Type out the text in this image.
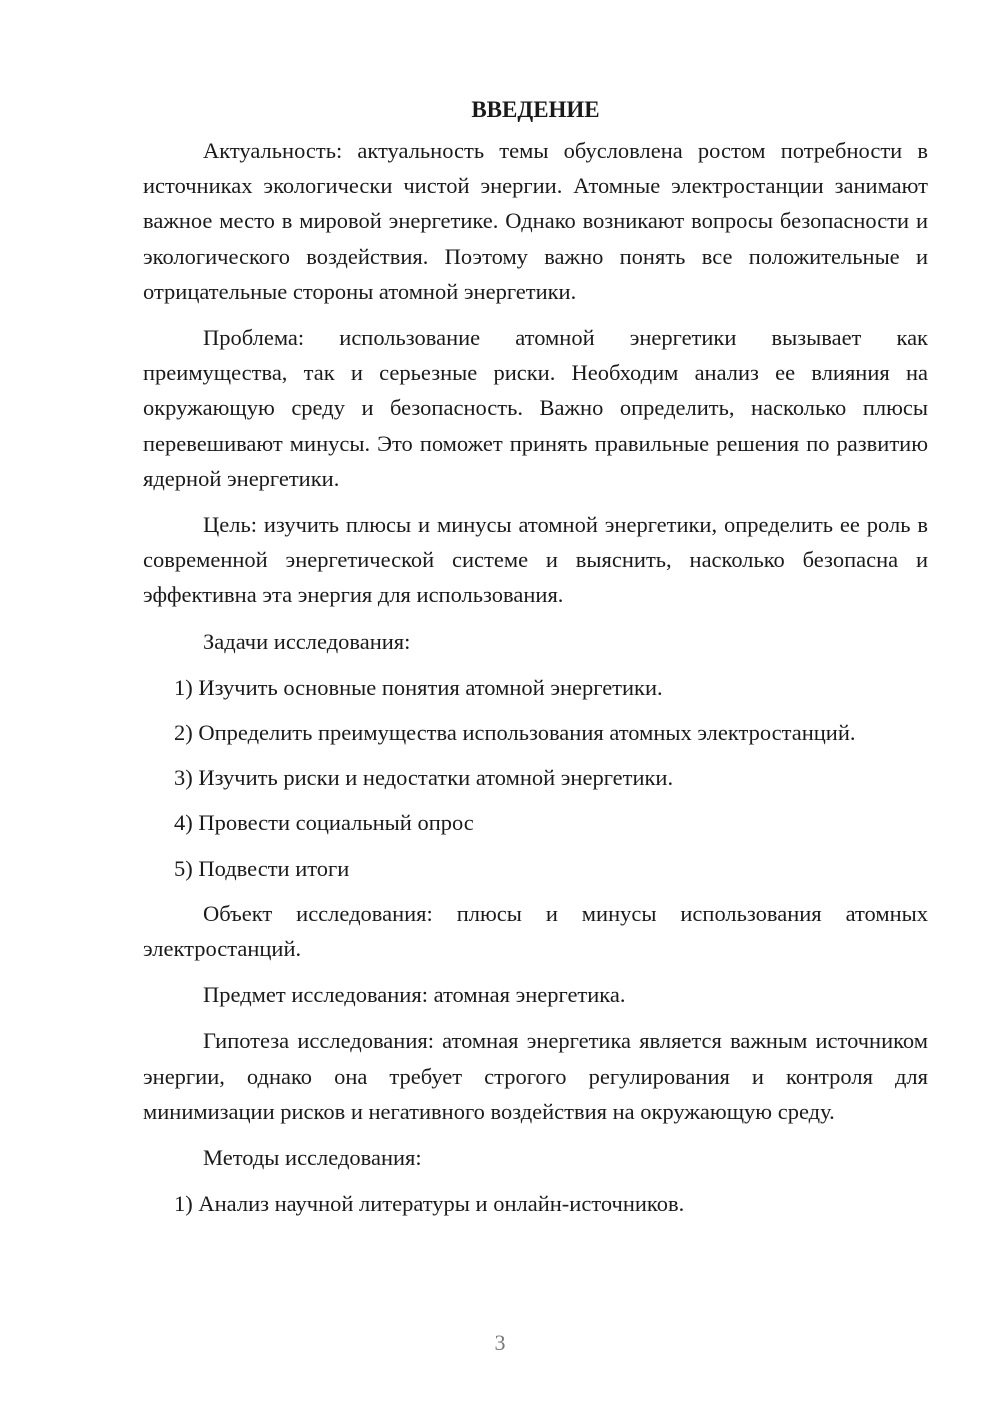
ВВЕДЕНИЕ

Актуальность: актуальность темы обусловлена ростом потребности в источниках экологически чистой энергии. Атомные электростанции занимают важное место в мировой энергетике. Однако возникают вопросы безопасности и экологического воздействия. Поэтому важно понять все положительные и отрицательные стороны атомной энергетики.

Проблема: использование атомной энергетики вызывает как преимущества, так и серьезные риски. Необходим анализ ее влияния на окружающую среду и безопасность. Важно определить, насколько плюсы перевешивают минусы. Это поможет принять правильные решения по развитию ядерной энергетики.

Цель: изучить плюсы и минусы атомной энергетики, определить ее роль в современной энергетической системе и выяснить, насколько безопасна и эффективна эта энергия для использования.

Задачи исследования:

1) Изучить основные понятия атомной энергетики.
2) Определить преимущества использования атомных электростанций.
3) Изучить риски и недостатки атомной энергетики.
4) Провести социальный опрос
5) Подвести итоги

Объект исследования: плюсы и минусы использования атомных электростанций.

Предмет исследования: атомная энергетика.

Гипотеза исследования: атомная энергетика является важным источником энергии, однако она требует строгого регулирования и контроля для минимизации рисков и негативного воздействия на окружающую среду.

Методы исследования:

1) Анализ научной литературы и онлайн-источников.
3
